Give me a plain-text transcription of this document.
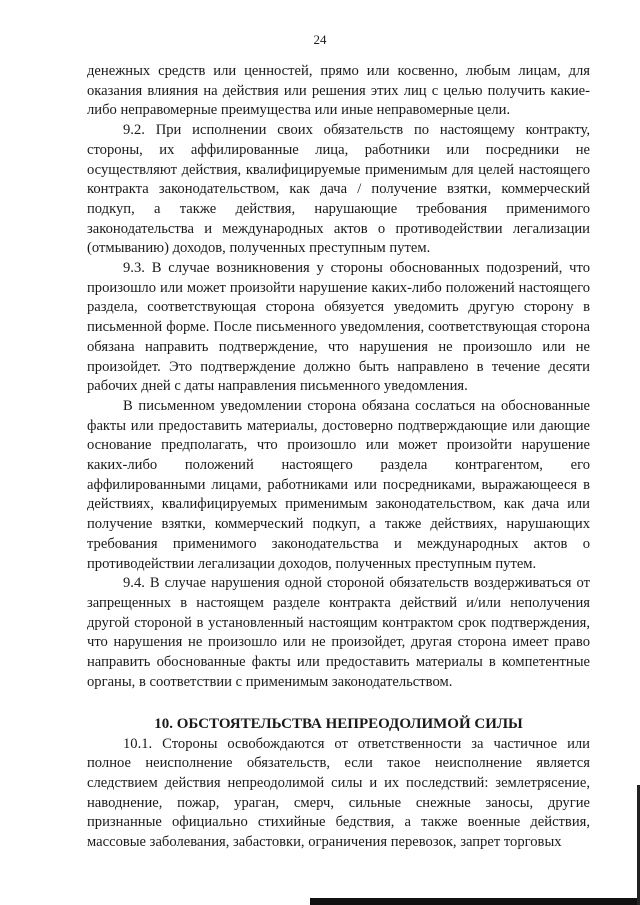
24

денежных средств или ценностей, прямо или косвенно, любым лицам, для оказания влияния на действия или решения этих лиц с целью получить какие-либо неправомерные преимущества или иные неправомерные цели.

9.2. При исполнении своих обязательств по настоящему контракту, стороны, их аффилированные лица, работники или посредники не осуществляют действия, квалифицируемые применимым для целей настоящего контракта законодательством, как дача / получение взятки, коммерческий подкуп, а также действия, нарушающие требования применимого законодательства и международных актов о противодействии легализации (отмыванию) доходов, полученных преступным путем.

9.3. В случае возникновения у стороны обоснованных подозрений, что произошло или может произойти нарушение каких-либо положений настоящего раздела, соответствующая сторона обязуется уведомить другую сторону в письменной форме. После письменного уведомления, соответствующая сторона обязана направить подтверждение, что нарушения не произошло или не произойдет. Это подтверждение должно быть направлено в течение десяти рабочих дней с даты направления письменного уведомления.

В письменном уведомлении сторона обязана сослаться на обоснованные факты или предоставить материалы, достоверно подтверждающие или дающие основание предполагать, что произошло или может произойти нарушение каких-либо положений настоящего раздела контрагентом, его аффилированными лицами, работниками или посредниками, выражающееся в действиях, квалифицируемых применимым законодательством, как дача или получение взятки, коммерческий подкуп, а также действиях, нарушающих требования применимого законодательства и международных актов о противодействии легализации доходов, полученных преступным путем.

9.4. В случае нарушения одной стороной обязательств воздерживаться от запрещенных в настоящем разделе контракта действий и/или неполучения другой стороной в установленный настоящим контрактом срок подтверждения, что нарушения не произошло или не произойдет, другая сторона имеет право направить обоснованные факты или предоставить материалы в компетентные органы, в соответствии с применимым законодательством.

10. ОБСТОЯТЕЛЬСТВА НЕПРЕОДОЛИМОЙ СИЛЫ

10.1. Стороны освобождаются от ответственности за частичное или полное неисполнение обязательств, если такое неисполнение является следствием действия непреодолимой силы и их последствий: землетрясение, наводнение, пожар, ураган, смерч, сильные снежные заносы, другие признанные официально стихийные бедствия, а также военные действия, массовые заболевания, забастовки, ограничения перевозок, запрет торговых
